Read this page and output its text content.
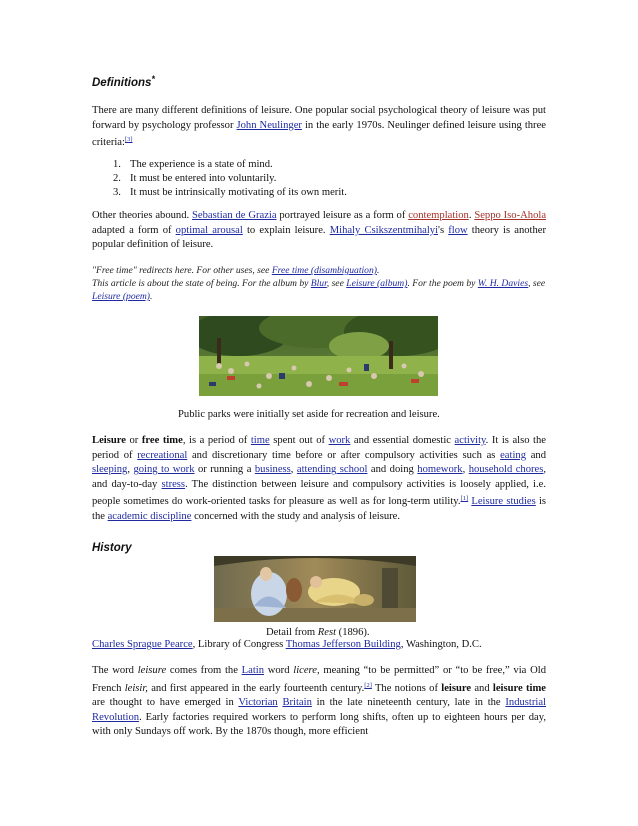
Definitions*

There are many different definitions of leisure. One popular social psychological theory of leisure was put forward by psychology professor John Neulinger in the early 1970s. Neulinger defined leisure using three criteria:[3]

1. The experience is a state of mind.
2. It must be entered into voluntarily.
3. It must be intrinsically motivating of its own merit.

Other theories abound. Sebastian de Grazia portrayed leisure as a form of contemplation. Seppo Iso-Ahola adapted a form of optimal arousal to explain leisure. Mihaly Csikszentmihalyi's flow theory is another popular definition of leisure.

"Free time" redirects here. For other uses, see Free time (disambiguation).

This article is about the state of being. For the album by Blur, see Leisure (album). For the poem by W. H. Davies, see Leisure (poem).

Public parks were initially set aside for recreation and leisure.

Leisure or free time, is a period of time spent out of work and essential domestic activity. It is also the period of recreational and discretionary time before or after compulsory activities such as eating and sleeping, going to work or running a business, attending school and doing homework, household chores, and day-to-day stress. The distinction between leisure and compulsory activities is loosely applied, i.e. people sometimes do work-oriented tasks for pleasure as well as for long-term utility.[1] Leisure studies is the academic discipline concerned with the study and analysis of leisure.

History

Detail from Rest (1896).

Charles Sprague Pearce, Library of Congress Thomas Jefferson Building, Washington, D.C.

The word leisure comes from the Latin word licere, meaning “to be permitted” or “to be free,” via Old French leisir, and first appeared in the early fourteenth century.[2] The notions of leisure and leisure time are thought to have emerged in Victorian Britain in the late nineteenth century, late in the Industrial Revolution. Early factories required workers to perform long shifts, often up to eighteen hours per day, with only Sundays off work. By the 1870s though, more efficient
